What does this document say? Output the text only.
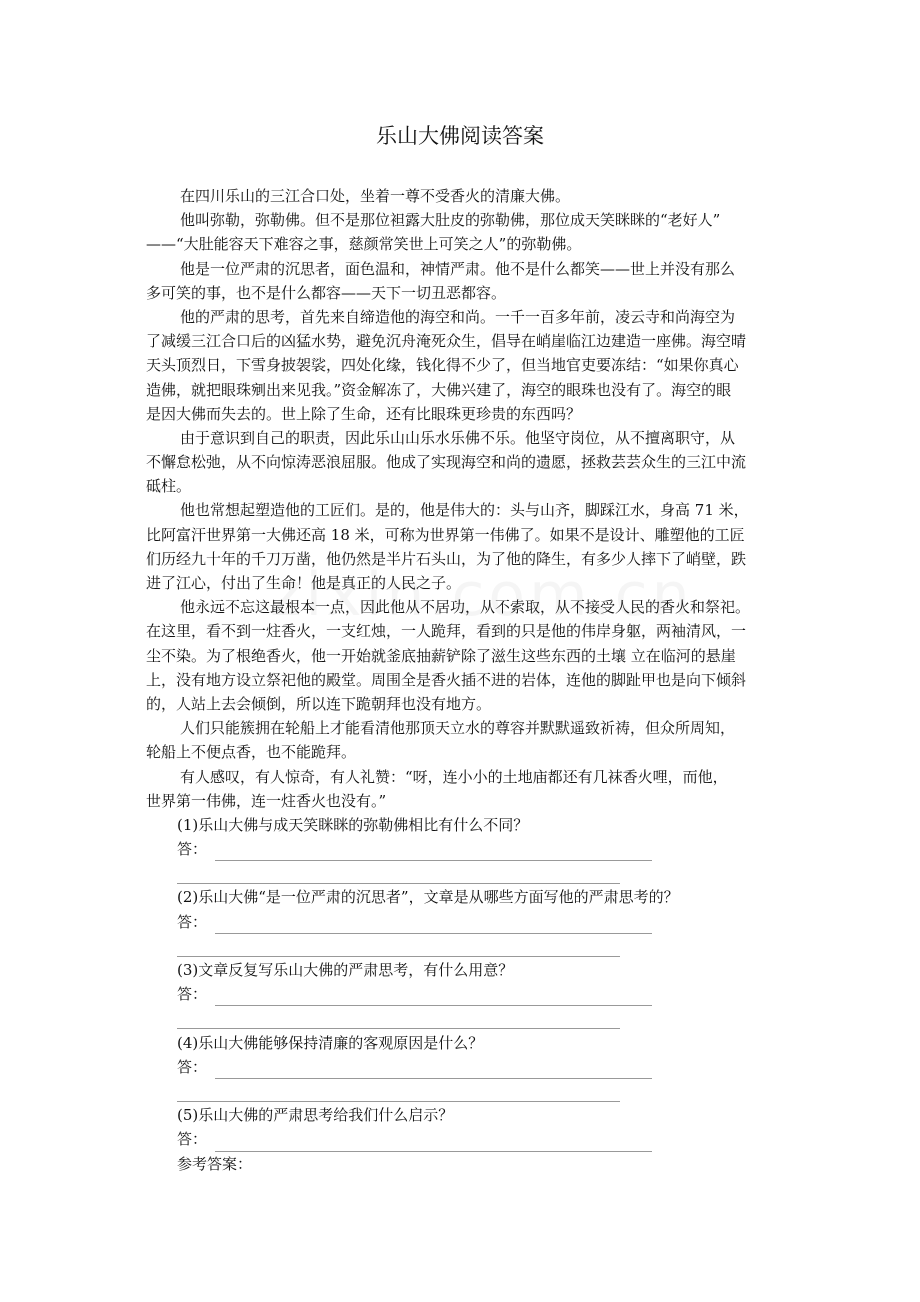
乐山大佛阅读答案
在四川乐山的三江合口处，坐着一尊不受香火的清廉大佛。
他叫弥勒，弥勒佛。但不是那位袒露大肚皮的弥勒佛，那位成天笑眯眯的“老好人”
——“大肚能容天下难容之事，慈颜常笑世上可笑之人”的弥勒佛。
他是一位严肃的沉思者，面色温和，神情严肃。他不是什么都笑——世上并没有那么
多可笑的事，也不是什么都容——天下一切丑恶都容。
他的严肃的思考，首先来自缔造他的海空和尚。一千一百多年前，凌云寺和尚海空为
了减缓三江合口后的凶猛水势，避免沉舟淹死众生，倡导在峭崖临江边建造一座佛。海空晴
天头顶烈日，下雪身披袈裟，四处化缘，钱化得不少了，但当地官吏要冻结：“如果你真心
造佛，就把眼珠剜出来见我。”资金解冻了，大佛兴建了，海空的眼珠也没有了。海空的眼
是因大佛而失去的。世上除了生命，还有比眼珠更珍贵的东西吗？
由于意识到自己的职责，因此乐山山乐水乐佛不乐。他坚守岗位，从不擅离职守，从
不懈怠松弛，从不向惊涛恶浪屈服。他成了实现海空和尚的遗愿，拯救芸芸众生的三江中流
砥柱。
他也常想起塑造他的工匠们。是的，他是伟大的：头与山齐，脚踩江水，身高 71 米，
比阿富汗世界第一大佛还高 18 米，可称为世界第一伟佛了。如果不是设计、雕塑他的工匠
们历经九十年的千刀万凿，他仍然是半片石头山，为了他的降生，有多少人摔下了峭壁，跌
进了江心，付出了生命！他是真正的人民之子。
他永远不忘这最根本一点，因此他从不居功，从不索取，从不接受人民的香火和祭祀。
在这里，看不到一炷香火，一支红烛，一人跪拜，看到的只是他的伟岸身躯，两袖清风，一
尘不染。为了根绝香火，他一开始就釜底抽薪铲除了滋生这些东西的土壤 立在临河的悬崖
上，没有地方设立祭祀他的殿堂。周围全是香火插不进的岩体，连他的脚趾甲也是向下倾斜
的，人站上去会倾倒，所以连下跪朝拜也没有地方。
人们只能簇拥在轮船上才能看清他那顶天立水的尊容并默默遥致祈祷，但众所周知，
轮船上不便点香，也不能跪拜。
有人感叹，有人惊奇，有人礼赞：“呀，连小小的土地庙都还有几袜香火哩，而他，
世界第一伟佛，连一炷香火也没有。”
(1)乐山大佛与成天笑眯眯的弥勒佛相比有什么不同？
答：
(2)乐山大佛“是一位严肃的沉思者”，文章是从哪些方面写他的严肃思考的？
答：
(3)文章反复写乐山大佛的严肃思考，有什么用意？
答：
(4)乐山大佛能够保持清廉的客观原因是什么？
答：
(5)乐山大佛的严肃思考给我们什么启示？
答：
参考答案：
